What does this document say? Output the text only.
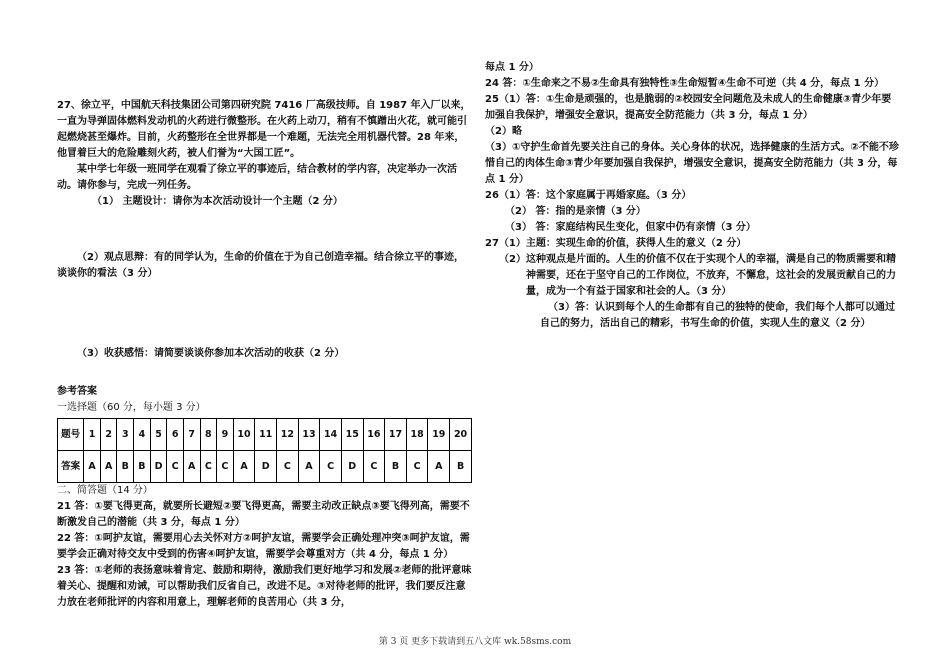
27、徐立平，中国航天科技集团公司第四研究院 7416 厂高级技师。自 1987 年入厂以来，一直为导弹固体燃料发动机的火药进行微整形。在火药上动刀，稍有不慎蹭出火花，就可能引起燃烧甚至爆炸。目前，火药整形在全世界都是一个难题，无法完全用机器代替。28 年来，他冒着巨大的危险雕刻火药，被人们誉为“大国工匠”。

某中学七年级一班同学在观看了徐立平的事迹后，结合教材的学内容，决定举办一次活动。请你参与，完成一列任务。

（1） 主题设计：请你为本次活动设计一个主题（2 分）

（2）观点思辩：有的同学认为，生命的价值在于为自己创造幸福。结合徐立平的事迹，谈谈你的看法（3 分）

（3）收获感悟：请简要谈谈你参加本次活动的收获（2 分）

参考答案

一选择题（60 分，每小题 3 分）

题号	1	2	3	4	5	6	7	8	9	10	11	12	13	14	15	16	17	18	19	20
答案	A	A	B	B	D	C	A	C	C	A	D	C	A	C	D	C	B	C	A	B

二、简答题（14 分）

21 答：①要飞得更高，就要所长避短②要飞得更高，需要主动改正缺点③要飞得列高，需要不断激发自己的潜能（共 3 分，每点 1 分）

22 答：①呵护友谊，需要用心去关怀对方②呵护友谊，需要学会正确处理冲突③呵护友谊，需要学会正确对待交友中受到的伤害④呵护友谊，需要学会尊重对方（共 4 分，每点 1 分）

23 答：①老师的表扬意味着肯定、鼓励和期待，激励我们更好地学习和发展②老师的批评意味着关心、提醒和劝诫，可以帮助我们反省自己，改进不足。③对待老师的批评，我们要反注意力放在老师批评的内容和用意上，理解老师的良苦用心（共 3 分，

每点 1 分）

24 答：①生命来之不易②生命具有独特性③生命短暂④生命不可逆（共 4 分，每点 1 分）

25（1）答：①生命是顽强的，也是脆弱的②校园安全问题危及未成人的生命健康③青少年要加强自我保护，增强安全意识，提高安全防范能力（共 3 分，每点 1 分）

（2）略

（3）①守护生命首先要关注自己的身体。关心身体的状况，选择健康的生活方式。②不能不珍惜自己的肉体生命③青少年要加强自我保护，增强安全意识，提高安全防范能力（共 3 分，每点 1 分）

26（1）答：这个家庭属于再婚家庭。（3 分）

（2） 答：指的是亲情（3 分）

（3） 答：家庭结构民生变化，但家中仍有亲情（3 分）

27（1）主题：实现生命的价值，获得人生的意义（2 分）

（2） 这种观点是片面的。人生的价值不仅在于实现个人的幸福，满是自己的物质需要和精神需要，还在于坚守自己的工作岗位，不放弃，不懈怠，这社会的发展贡献自己的力量，成为一个有益于国家和社会的人。（3 分）

（3）答：认识到每个人的生命都有自己的独特的使命，我们每个人都可以通过自己的努力，活出自己的精彩，书写生命的价值，实现人生的意义（2 分）

第 3 页 更多下载请到五八文库 wk.58sms.com
